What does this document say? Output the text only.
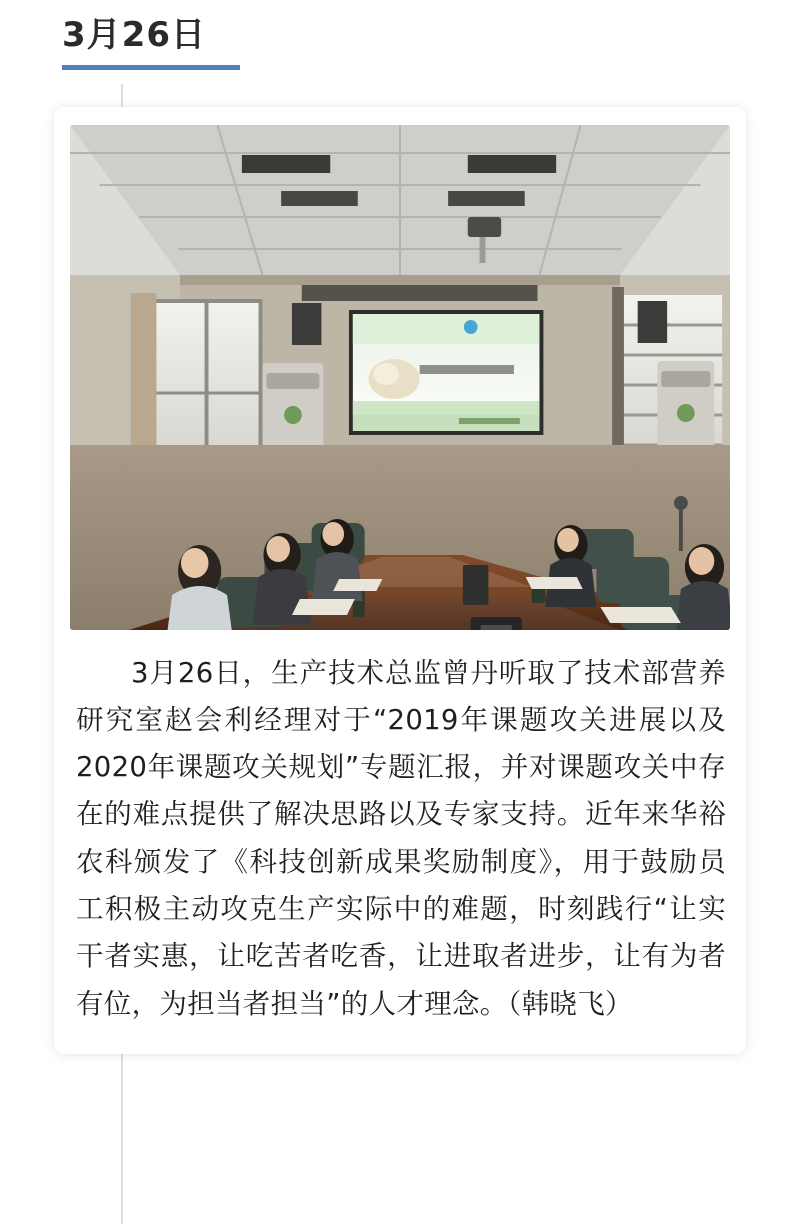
3月26日
3月26日，生产技术总监曾丹听取了技术部营养研究室赵会利经理对于“2019年课题攻关进展以及2020年课题攻关规划”专题汇报，并对课题攻关中存在的难点提供了解决思路以及专家支持。近年来华裕农科颁发了《科技创新成果奖励制度》，用于鼓励员工积极主动攻克生产实际中的难题，时刻践行“让实干者实惠，让吃苦者吃香，让进取者进步，让有为者有位，为担当者担当”的人才理念。（韩晓飞）
